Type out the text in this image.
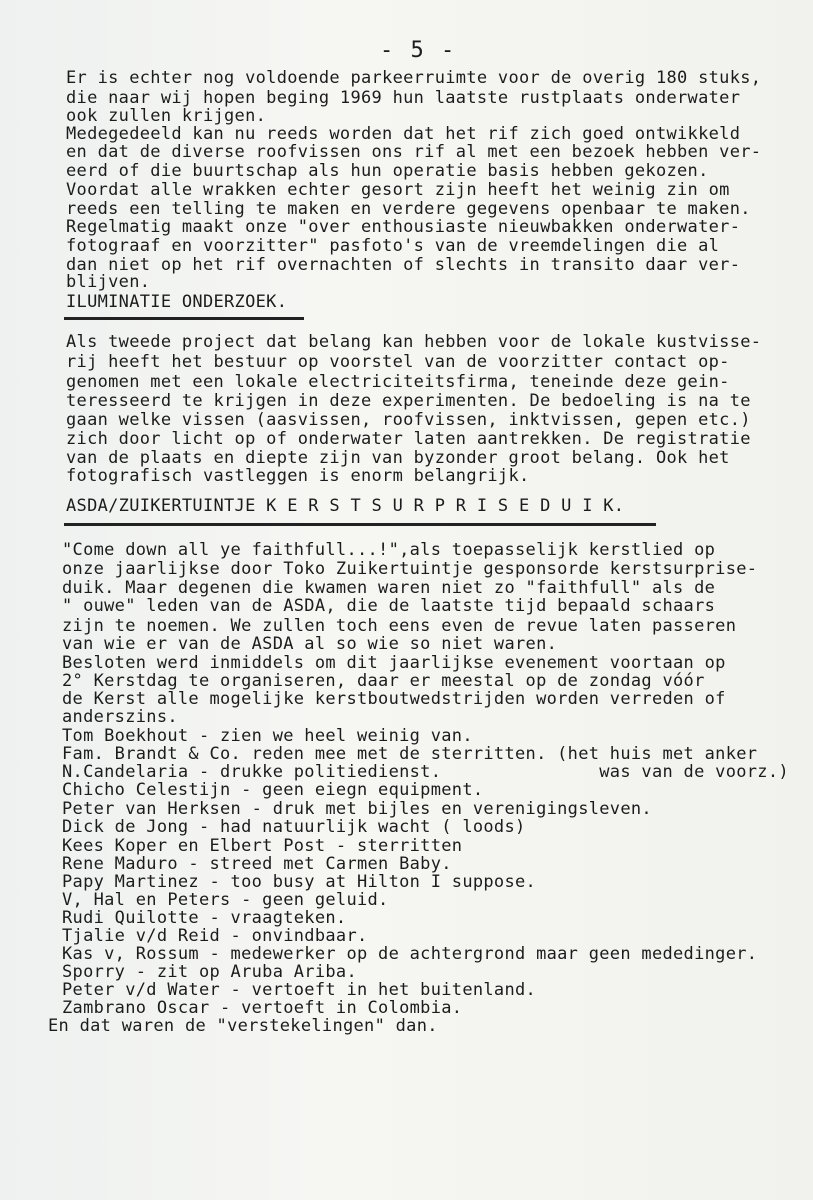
- 5 -
Er is echter nog voldoende parkeerruimte voor de overig 180 stuks,
die naar wij hopen beging 1969 hun laatste rustplaats onderwater
ook zullen krijgen.
Medegedeeld kan nu reeds worden dat het rif zich goed ontwikkeld
en dat de diverse roofvissen ons rif al met een bezoek hebben ver-
eerd of die buurtschap als hun operatie basis hebben gekozen.
Voordat alle wrakken echter gesort zijn heeft het weinig zin om
reeds een telling te maken en verdere gegevens openbaar te maken.
Regelmatig maakt onze "over enthousiaste nieuwbakken onderwater-
fotograaf en voorzitter" pasfoto's van de vreemdelingen die al
dan niet op het rif overnachten of slechts in transito daar ver-
blijven.
ILUMINATIE ONDERZOEK.
Als tweede project dat belang kan hebben voor de lokale kustvisse-
rij heeft het bestuur op voorstel van de voorzitter contact op-
genomen met een lokale electriciteitsfirma, teneinde deze gein-
teresseerd te krijgen in deze experimenten. De bedoeling is na te
gaan welke vissen (aasvissen, roofvissen, inktvissen, gepen etc.)
zich door licht op of onderwater laten aantrekken. De registratie
van de plaats en diepte zijn van byzonder groot belang. Ook het
fotografisch vastleggen is enorm belangrijk.
ASDA/ZUIKERTUINTJE K E R S T S U R P R I S E D U I K.
"Come down all ye faithfull...!",als toepasselijk kerstlied op
onze jaarlijkse door Toko Zuikertuintje gesponsorde kerstsurprise-
duik. Maar degenen die kwamen waren niet zo "faithfull" als de
" ouwe" leden van de ASDA, die de laatste tijd bepaald schaars
zijn te noemen. We zullen toch eens even de revue laten passeren
van wie er van de ASDA al so wie so niet waren.
Besloten werd inmiddels om dit jaarlijkse evenement voortaan op
2° Kerstdag te organiseren, daar er meestal op de zondag vóór
de Kerst alle mogelijke kerstboutwedstrijden worden verreden of
anderszins.
Tom Boekhout - zien we heel weinig van.
Fam. Brandt & Co. reden mee met de sterritten. (het huis met anker
N.Candelaria - drukke politiedienst.               was van de voorz.)
Chicho Celestijn - geen eiegn equipment.
Peter van Herksen - druk met bijles en verenigingsleven.
Dick de Jong - had natuurlijk wacht ( loods)
Kees Koper en Elbert Post - sterritten
Rene Maduro - streed met Carmen Baby.
Papy Martinez - too busy at Hilton I suppose.
V, Hal en Peters - geen geluid.
Rudi Quilotte - vraagteken.
Tjalie v/d Reid - onvindbaar.
Kas v, Rossum - medewerker op de achtergrond maar geen mededinger.
Sporry - zit op Aruba Ariba.
Peter v/d Water - vertoeft in het buitenland.
Zambrano Oscar - vertoeft in Colombia.
En dat waren de "verstekelingen" dan.
